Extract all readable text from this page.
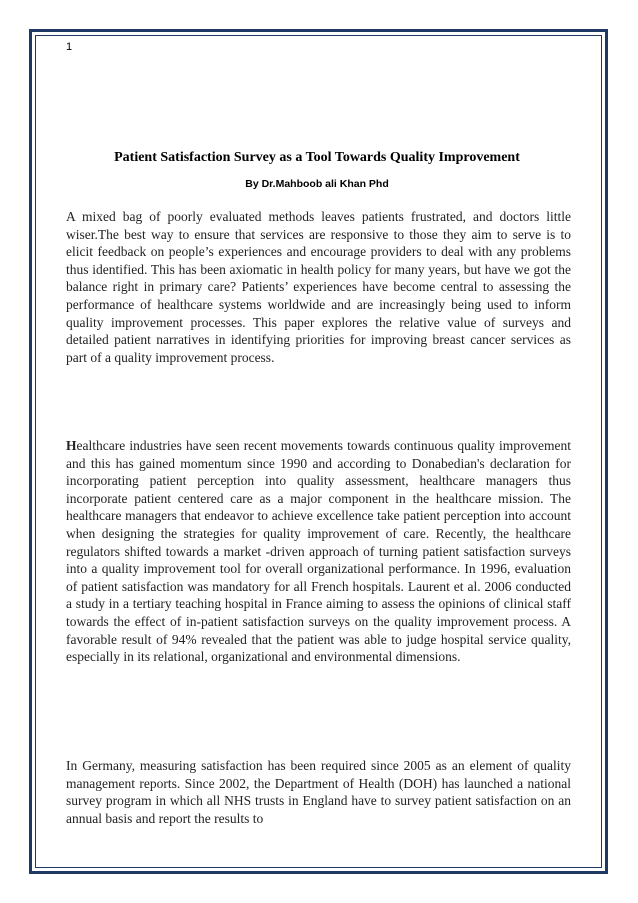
1
Patient Satisfaction Survey as a Tool Towards Quality Improvement
By Dr.Mahboob ali Khan Phd

A mixed bag of poorly evaluated methods leaves patients frustrated, and doctors little wiser.The best way to ensure that services are responsive to those they aim to serve is to elicit feedback on people’s experiences and encourage providers to deal with any problems thus identified. This has been axiomatic in health policy for many years, but have we got the balance right in primary care? Patients’ experiences have become central to assessing the performance of healthcare systems worldwide and are increasingly being used to inform quality improvement processes. This paper explores the relative value of surveys and detailed patient narratives in identifying priorities for improving breast cancer services as part of a quality improvement process.

Healthcare industries have seen recent movements towards continuous quality improvement and this has gained momentum since 1990 and according to Donabedian's declaration for incorporating patient perception into quality assessment, healthcare managers thus incorporate patient centered care as a major component in the healthcare mission. The healthcare managers that endeavor to achieve excellence take patient perception into account when designing the strategies for quality improvement of care. Recently, the healthcare regulators shifted towards a market -driven approach of turning patient satisfaction surveys into a quality improvement tool for overall organizational performance. In 1996, evaluation of patient satisfaction was mandatory for all French hospitals. Laurent et al. 2006 conducted a study in a tertiary teaching hospital in France aiming to assess the opinions of clinical staff towards the effect of in-patient satisfaction surveys on the quality improvement process. A favorable result of 94% revealed that the patient was able to judge hospital service quality, especially in its relational, organizational and environmental dimensions.

In Germany, measuring satisfaction has been required since 2005 as an element of quality management reports. Since 2002, the Department of Health (DOH) has launched a national survey program in which all NHS trusts in England have to survey patient satisfaction on an annual basis and report the results to
